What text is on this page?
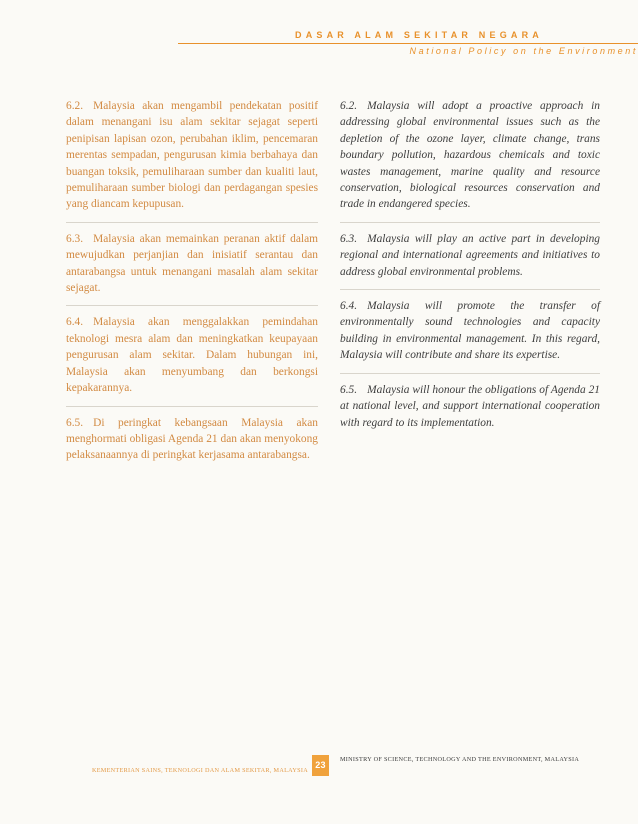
DASAR ALAM SEKITAR NEGARA
National Policy on the Environment

6.2. Malaysia akan mengambil pendekatan positif dalam menangani isu alam sekitar sejagat seperti penipisan lapisan ozon, perubahan iklim, pencemaran merentas sempadan, pengurusan kimia berbahaya dan buangan toksik, pemuliharaan sumber dan kualiti laut, pemuliharaan sumber biologi dan perdagangan spesies yang diancam kepupusan.

6.3. Malaysia akan memainkan peranan aktif dalam mewujudkan perjanjian dan inisiatif serantau dan antarabangsa untuk menangani masalah alam sekitar sejagat.

6.4. Malaysia akan menggalakkan pemindahan teknologi mesra alam dan meningkatkan keupayaan pengurusan alam sekitar. Dalam hubungan ini, Malaysia akan menyumbang dan berkongsi kepakarannya.

6.5. Di peringkat kebangsaan Malaysia akan menghormati obligasi Agenda 21 dan akan menyokong pelaksanaannya di peringkat kerjasama antarabangsa.

6.2. Malaysia will adopt a proactive approach in addressing global environmental issues such as the depletion of the ozone layer, climate change, trans boundary pollution, hazardous chemicals and toxic wastes management, marine quality and resource conservation, biological resources conservation and trade in endangered species.

6.3. Malaysia will play an active part in developing regional and international agreements and initiatives to address global environmental problems.

6.4. Malaysia will promote the transfer of environmentally sound technologies and capacity building in environmental management. In this regard, Malaysia will contribute and share its expertise.

6.5. Malaysia will honour the obligations of Agenda 21 at national level, and support international cooperation with regard to its implementation.

KEMENTERIAN SAINS, TEKNOLOGI DAN ALAM SEKITAR, MALAYSIA
23
MINISTRY OF SCIENCE, TECHNOLOGY AND THE ENVIRONMENT, MALAYSIA
